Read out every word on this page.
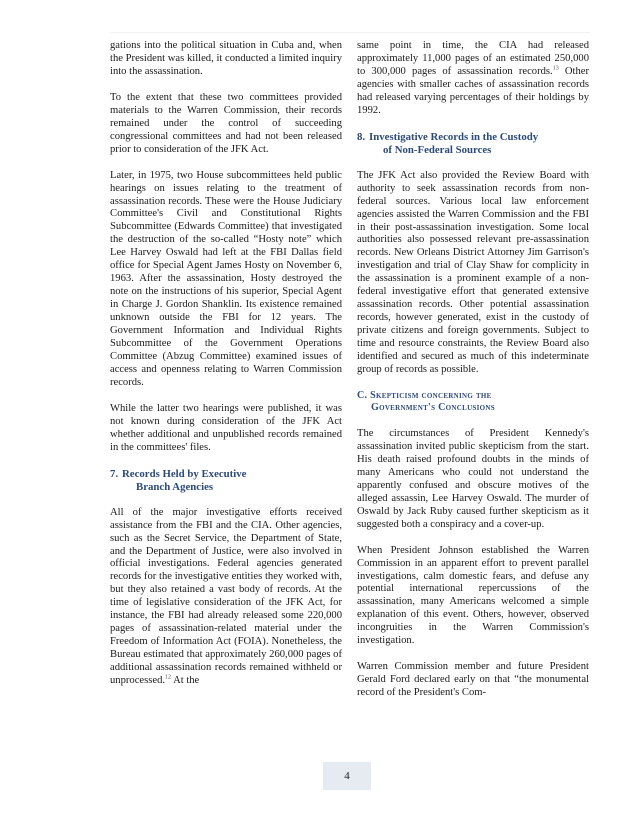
gations into the political situation in Cuba and, when the President was killed, it conducted a limited inquiry into the assassination.

To the extent that these two committees provided materials to the Warren Commission, their records remained under the control of succeeding congressional committees and had not been released prior to consideration of the JFK Act.

Later, in 1975, two House subcommittees held public hearings on issues relating to the treatment of assassination records. These were the House Judiciary Committee's Civil and Constitutional Rights Subcommittee (Edwards Committee) that investigated the destruction of the so-called “Hosty note” which Lee Harvey Oswald had left at the FBI Dallas field office for Special Agent James Hosty on November 6, 1963. After the assassination, Hosty destroyed the note on the instructions of his superior, Special Agent in Charge J. Gordon Shanklin. Its existence remained unknown outside the FBI for 12 years. The Government Information and Individual Rights Subcommittee of the Government Operations Committee (Abzug Committee) examined issues of access and openness relating to Warren Commission records.

While the latter two hearings were published, it was not known during consideration of the JFK Act whether additional and unpublished records remained in the committees' files.

7. Records Held by Executive
Branch Agencies

All of the major investigative efforts received assistance from the FBI and the CIA. Other agencies, such as the Secret Service, the Department of State, and the Department of Justice, were also involved in official investigations. Federal agencies generated records for the investigative entities they worked with, but they also retained a vast body of records. At the time of legislative consideration of the JFK Act, for instance, the FBI had already released some 220,000 pages of assassination-related material under the Freedom of Information Act (FOIA). Nonetheless, the Bureau estimated that approximately 260,000 pages of additional assassination records remained withheld or unprocessed.$^{12}$ At the

same point in time, the CIA had released approximately 11,000 pages of an estimated 250,000 to 300,000 pages of assassination records.$^{13}$ Other agencies with smaller caches of assassination records had released varying percentages of their holdings by 1992.

8. Investigative Records in the Custody
of Non-Federal Sources

The JFK Act also provided the Review Board with authority to seek assassination records from non-federal sources. Various local law enforcement agencies assisted the Warren Commission and the FBI in their post-assassination investigation. Some local authorities also possessed relevant pre-assassination records. New Orleans District Attorney Jim Garrison's investigation and trial of Clay Shaw for complicity in the assassination is a prominent example of a non-federal investigative effort that generated extensive assassination records. Other potential assassination records, however generated, exist in the custody of private citizens and foreign governments. Subject to time and resource constraints, the Review Board also identified and secured as much of this indeterminate group of records as possible.

C. Skepticism concerning the
Government's Conclusions

The circumstances of President Kennedy's assassination invited public skepticism from the start. His death raised profound doubts in the minds of many Americans who could not understand the apparently confused and obscure motives of the alleged assassin, Lee Harvey Oswald. The murder of Oswald by Jack Ruby caused further skepticism as it suggested both a conspiracy and a cover-up.

When President Johnson established the Warren Commission in an apparent effort to prevent parallel investigations, calm domestic fears, and defuse any potential international repercussions of the assassination, many Americans welcomed a simple explanation of this event. Others, however, observed incongruities in the Warren Commission's investigation.

Warren Commission member and future President Gerald Ford declared early on that “the monumental record of the President's Com-

4
